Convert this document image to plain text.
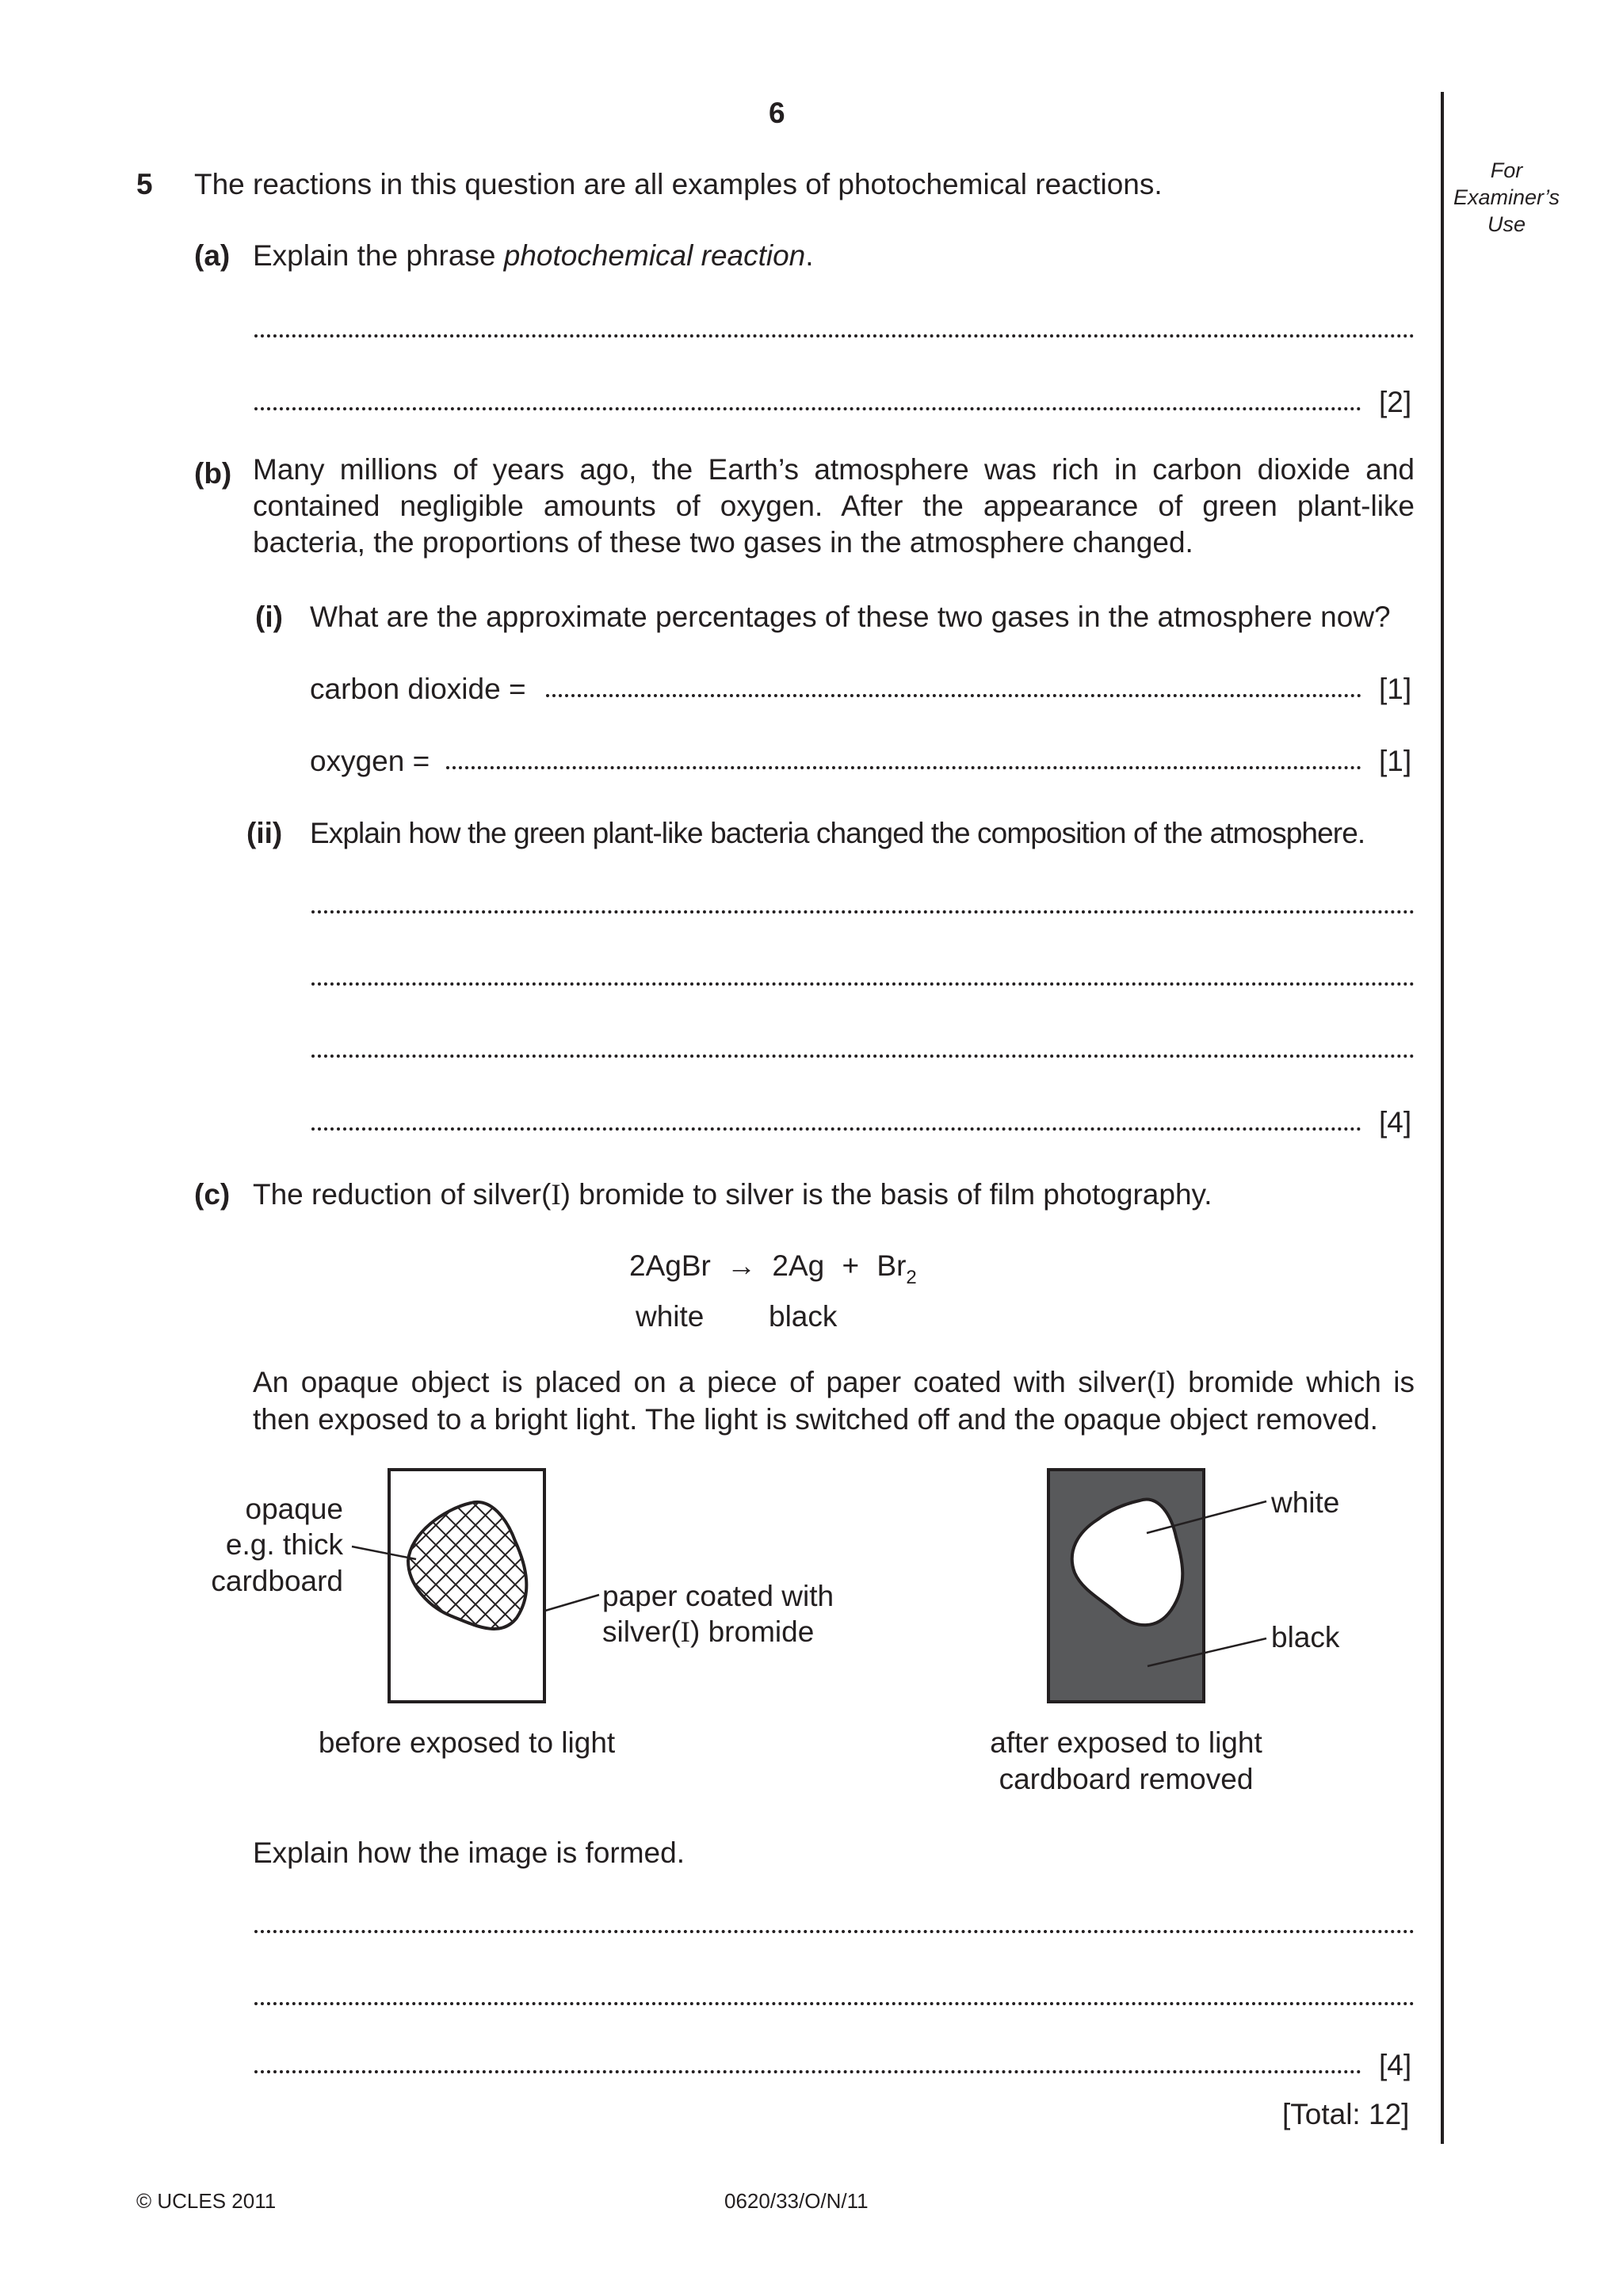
6
For
Examiner’s
Use
5 The reactions in this question are all examples of photochemical reactions.
(a) Explain the phrase photochemical reaction.
[2]
(b) Many millions of years ago, the Earth’s atmosphere was rich in carbon dioxide and
contained negligible amounts of oxygen. After the appearance of green plant-like
bacteria, the proportions of these two gases in the atmosphere changed.
(i) What are the approximate percentages of these two gases in the atmosphere now?
carbon dioxide =	[1]
oxygen =	[1]
(ii) Explain how the green plant-like bacteria changed the composition of the atmosphere.
[4]
(c) The reduction of silver(I) bromide to silver is the basis of film photography.
2AgBr → $2Ag + Br_2$
white black
An opaque object is placed on a piece of paper coated with silver(I) bromide which is
then exposed to a bright light. The light is switched off and the opaque object removed.
opaque
e.g. thick
cardboard	paper coated with
silver(I) bromide
before exposed to light
white
black
after exposed to light
cardboard removed
Explain how the image is formed.
[4]
[Total: 12]
© UCLES 2011	0620/33/O/N/11
